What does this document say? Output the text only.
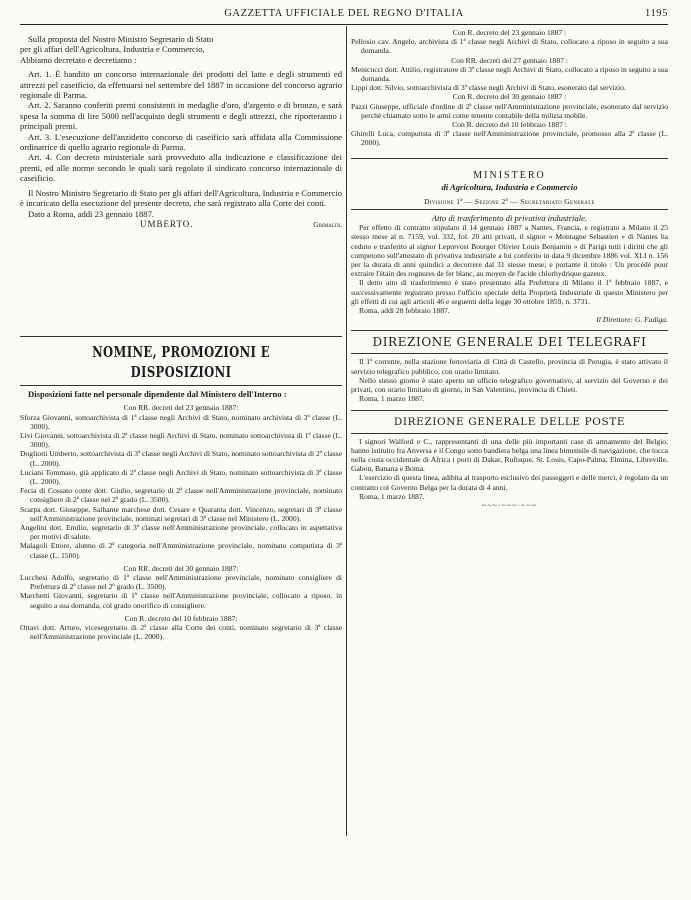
GAZZETTA UFFICIALE DEL REGNO D'ITALIA	1195

Sulla proposta del Nostro Ministro Segretario di Stato

per gli affari dell'Agricoltura, Industria e Commercio,

Abbiamo decretato e decretiamo :

Art. 1. È bandito un concorso internazionale dei prodotti del latte e degli strumenti ed attrezzi pel caseificio, da effettuarsi nel settembre del 1887 in occasione del concorso agrario regionale di Parma.

Art. 2. Saranno conferiti premi consistenti in medaglie d'oro, d'argento e di bronzo, e sarà spesa la somma di lire 5000 nell'acquisto degli strumenti e degli attrezzi, che riporteranno i principali premi.

Art. 3. L'esecuzione dell'anzidetto concorso di caseificio sarà affidata alla Commissione ordinatrice di quello agrario regionale di Parma.

Art. 4. Con decreto ministeriale sarà provveduto alla indicazione e classificazione dei premi, ed alle norme secondo le quali sarà regolato il sindicato concorso internazionale di caseificio.

Il Nostro Ministro Segretario di Stato per gli affari dell'Agricoltura, Industria e Commercio è incaricato della esecuzione del presente decreto, che sarà registrato alla Corte dei conti.

Dato a Roma, addì 23 gennaio 1887.

UMBERTO.	Grimaldi.
NOMINE, PROMOZIONI E DISPOSIZIONI

Disposizioni fatte nel personale dipendente dal Ministero dell'Interno :

Con RR. decreti del 23 gennaio 1887:

Sforza Giovanni, sottoarchivista di 1ª classe negli Archivi di Stato, nominato archivista di 3ª classe (L. 3000).

Livi Giovanni, sottoarchivista di 2ª classe negli Archivi di Stato, nominato sottoarchivista di 1ª classe (L. 3000).

Dogliotti Umberto, sottoarchivista di 3ª classe negli Archivi di Stato, nominato sottoarchivista di 2ª classe (L. 2000).

Luciani Tommaso, già applicato di 2ª classe negli Archivi di Stato, nominato sottoarchivista di 3ª classe (L. 2000).

Fecia di Cossato conte dott. Giulio, segretario di 2ª classe nell'Amministrazione provinciale, nominato consigliere di 2ª classe nel 2º grado (L. 3500).

Scarpa dott. Giuseppe, Saibante marchese dott. Cesare e Quaranta dott. Vincenzo, segretari di 3ª classe nell'Amministrazione provinciale, nominati segretari di 3ª classe nel Ministero (L. 2000).

Angelini dott. Emilio, segretario di 3ª classe nell'Amministrazione provinciale, collocato in aspettativa per motivi di salute.

Malagoli Ettore, alunno di 2ª categoria nell'Amministrazione provinciale, nominato computista di 3ª classe (L. 1500).

Con RR. decreti del 30 gennaio 1887:

Lucchesi Adolfo, segretario di 1ª classe nell'Amministrazione provinciale, nominato consigliere di Prefettura di 2ª classe nel 2º grado (L. 3500).

Marchetti Giovanni, segretario di 1ª classe nell'Amministrazione provinciale, collocato a riposo, in seguito a sua domanda, col grado onorifico di consigliere.

Con R. decreto del 10 febbraio 1887:

Ottavi dott. Arturo, vicesegretario di 2ª classe alla Corte dei conti, nominato segretario di 3ª classe nell'Amministrazione provinciale (L. 2000).

Con R. decreto del 23 gennaio 1887 :

Pellosio cav. Angelo, archivista di 1ª classe negli Archivi di Stato, collocato a riposo in seguito a sua domanda.

Con RR. decreti del 27 gennaio 1887 :

Menicucci dott. Attilio, registratore di 3ª classe negli Archivi di Stato, collocato a riposo in seguito a sua domanda.

Lippi dott. Silvio, sottoarchivista di 3ª classe negli Archivi di Stato, esonerato dal servizio.

Con R. decreto del 30 gennaio 1887 :

Pazzi Giuseppe, ufficiale d'ordine di 2ª classe nell'Amministrazione provinciale, esonerato dal servizio perchè chiamato sotto le armi come tenente contabile della milizia mobile.

Con R. decreto del 10 febbraio 1887 :

Ghirelli Luca, computista di 3ª classe nell'Amministrazione provinciale, promosso alla 2ª classe (L. 2000).

MINISTERO
di Agricoltura, Industria e Commercio

Divisione 1ª — Sezione 2ª — Segretariato Generale

Atto di trasferimento di privativa industriale.

Per effetto di contratto stipulato il 14 gennaio 1887 a Nantes, Francia, e registrato a Milano il 25 stesso mese al n. 7159, vol. 332, fol. 20 atti privati, il signor « Montagne Sebastien » di Nantes ha ceduto e trasferito al signor Leprevost Bourger Olivier Louis Benjamin » di Parigi tutti i diritti che gli competono sull'attestato di privativa industriale a lui conferito in data 9 dicembre 1886 vol. XLI n. 156 per la durata di anni quindici a decorrere dal 31 stesso mese; e portante il titolo : Un procédé pour extraire l'étain des rognures de fer blanc, au moyen de l'acide chlorhydrique gazeux.

Il detto atto di trasferimento è stato presentato alla Prefettura di Milano il 1º febbraio 1887, e successivamente registrato presso l'ufficio speciale della Proprietà Industriale di questo Ministero per gli effetti di cui agli articoli 46 e seguenti della legge 30 ottobre 1859, n. 3731.

Roma, addì 28 febbraio 1887.

Il Direttore: G. Fadiga.

DIREZIONE GENERALE DEI TELEGRAFI

Il 1º corrente, nella stazione ferroviaria di Città di Castello, provincia di Perugia, è stato attivato il servizio telegrafico pubblico, con orario limitato.

Nello stesso giorno è stato aperto un ufficio telegrafico governativo, al servizio del Governo e dei privati, con orario limitato di giorno, in San Valentino, provincia di Chieti.

Roma, 1 marzo 1887.

DIREZIONE GENERALE DELLE POSTE

I signori Walford e C., rappresentanti di una delle più importanti case di armamento del Belgio, hanno istituito fra Anversa e il Congo sotto bandiera belga una linea bimensile di navigazione, che tocca nella costa occidentale di Africa i porti di Dakar, Rufisque, St. Louis, Capo-Palma, Elmina, Libreville, Gabon, Banana e Boma.

L'esercizio di questa linea, adibita al trasporto esclusivo dei passeggeri e delle merci, è regolato da un contratto col Governo Belga per la durata di 4 anni.

Roma, 1 marzo 1887.

~~~·~~~·~~~
